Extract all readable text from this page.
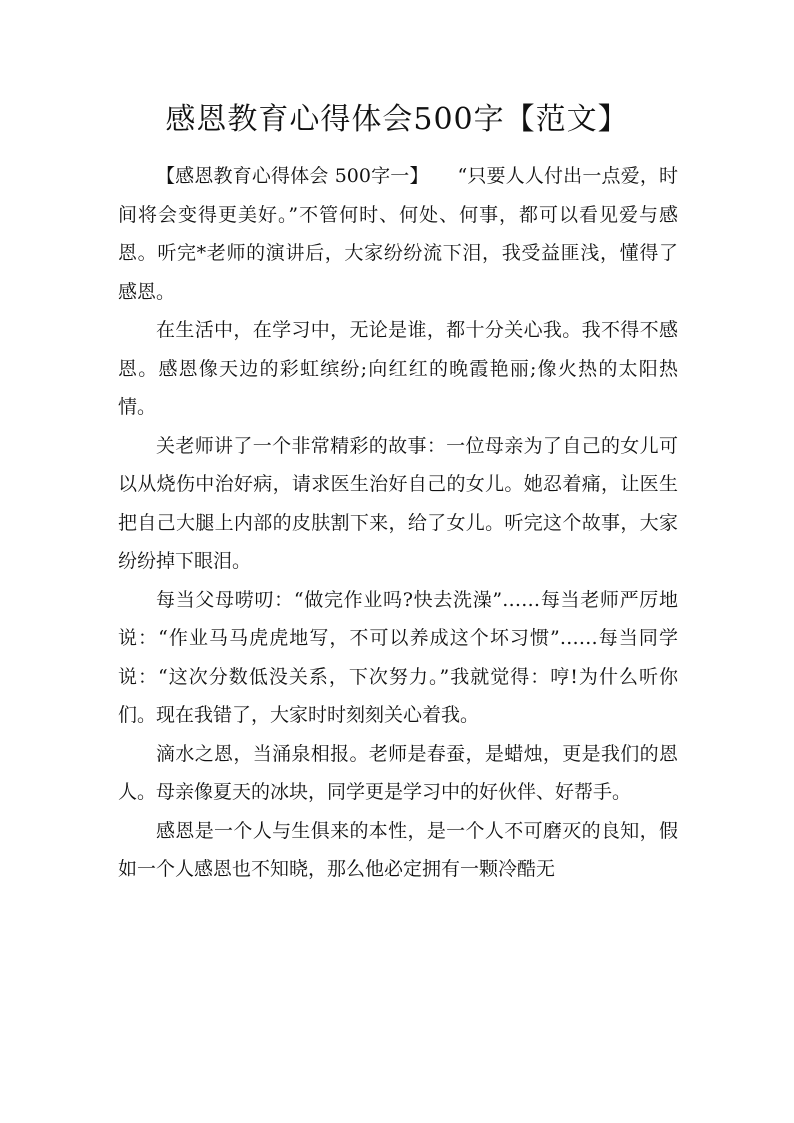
感恩教育心得体会500字【范文】

【感恩教育心得体会 500字一】　　“只要人人付出一点爱，时间将会变得更美好。”不管何时、何处、何事，都可以看见爱与感恩。听完*老师的演讲后，大家纷纷流下泪，我受益匪浅，懂得了感恩。

在生活中，在学习中，无论是谁，都十分关心我。我不得不感恩。感恩像天边的彩虹缤纷;向红红的晚霞艳丽;像火热的太阳热情。

关老师讲了一个非常精彩的故事：一位母亲为了自己的女儿可以从烧伤中治好病，请求医生治好自己的女儿。她忍着痛，让医生把自己大腿上内部的皮肤割下来，给了女儿。听完这个故事，大家纷纷掉下眼泪。

每当父母唠叨：“做完作业吗?快去洗澡”……每当老师严厉地说：“作业马马虎虎地写，不可以养成这个坏习惯”……每当同学说：“这次分数低没关系，下次努力。”我就觉得：哼!为什么听你们。现在我错了，大家时时刻刻关心着我。

滴水之恩，当涌泉相报。老师是春蚕，是蜡烛，更是我们的恩人。母亲像夏天的冰块，同学更是学习中的好伙伴、好帮手。

感恩是一个人与生俱来的本性，是一个人不可磨灭的良知，假如一个人感恩也不知晓，那么他必定拥有一颗冷酷无
